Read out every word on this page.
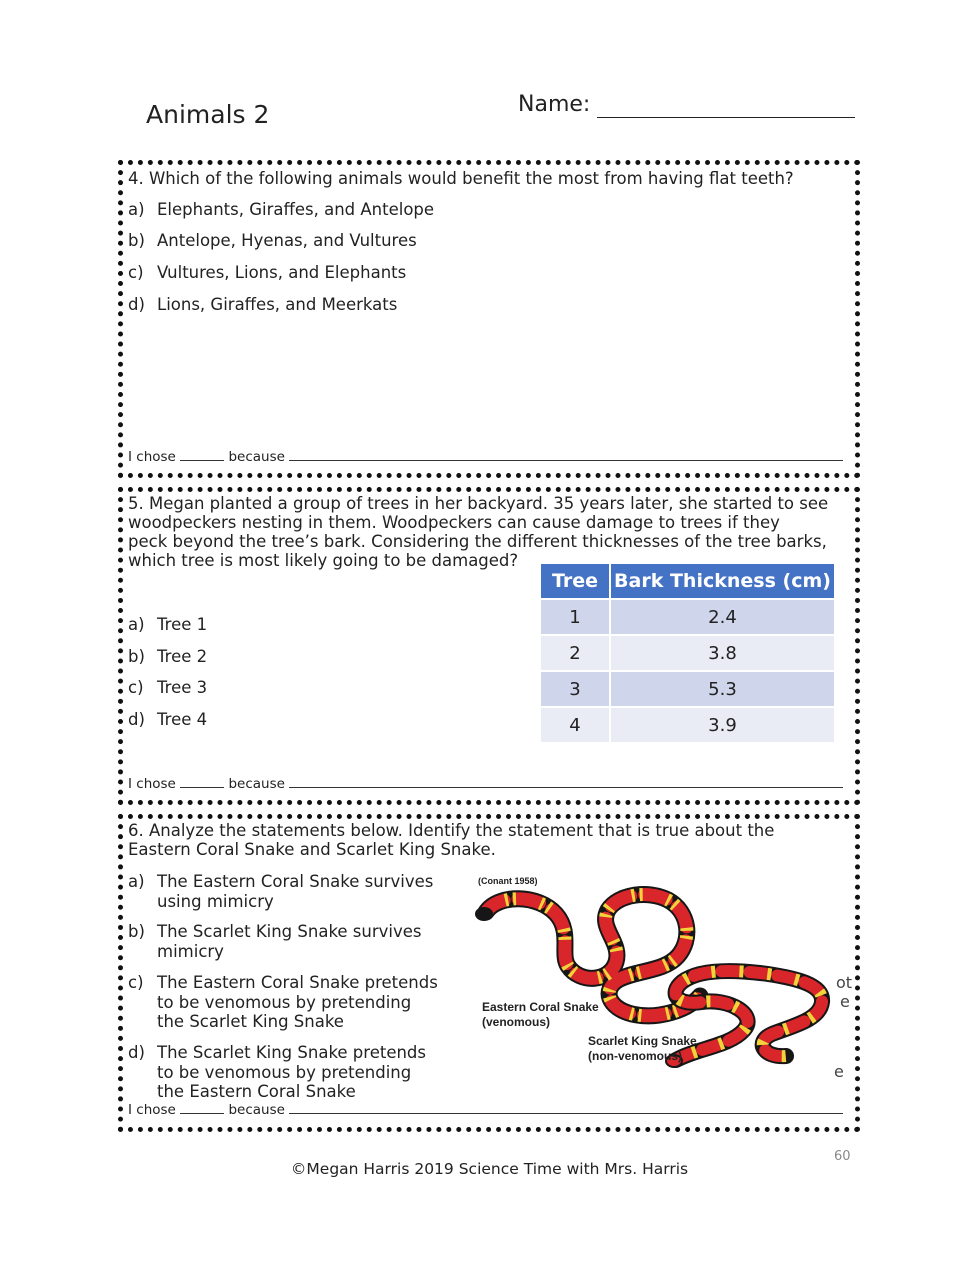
Animals 2	Name:
4. Which of the following animals would benefit the most from having flat teeth?
a) Elephants, Giraffes, and Antelope
b) Antelope, Hyenas, and Vultures
c) Vultures, Lions, and Elephants
d) Lions, Giraffes, and Meerkats
I chose	because
5. Megan planted a group of trees in her backyard. 35 years later, she started to see
woodpeckers nesting in them. Woodpeckers can cause damage to trees if they
peck beyond the tree’s bark. Considering the different thicknesses of the tree barks,
which tree is most likely going to be damaged?
a) Tree 1
b) Tree 2
c) Tree 3
d) Tree 4
Tree	Bark Thickness (cm)
1	2.4
2	3.8
3	5.3
4	3.9
I chose	because
6. Analyze the statements below. Identify the statement that is true about the
Eastern Coral Snake and Scarlet King Snake.
a) The Eastern Coral Snake survives
using mimicry
b) The Scarlet King Snake survives
mimicry
c) The Eastern Coral Snake pretends
to be venomous by pretending
the Scarlet King Snake
d) The Scarlet King Snake pretends
to be venomous by pretending
the Eastern Coral Snake
ot
e
e
(Conant 1958)
Eastern Coral Snake
(venomous)
Scarlet King Snake
(non-venomous)
I chose	because
60
©Megan Harris 2019 Science Time with Mrs. Harris
